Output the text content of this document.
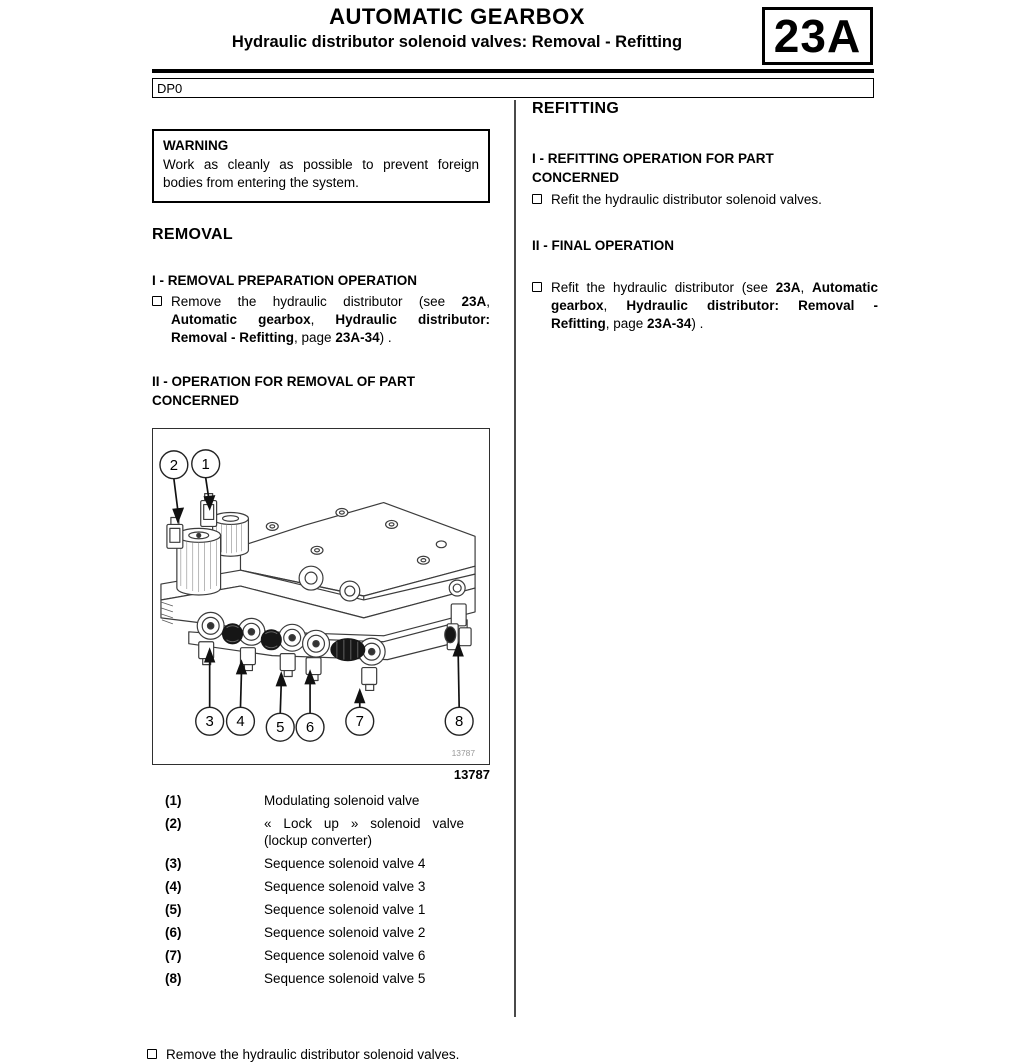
AUTOMATIC GEARBOX
Hydraulic distributor solenoid valves: Removal - Refitting	23A
DP0
WARNING
Work as cleanly as possible to prevent foreign bodies from entering the system.
REMOVAL
I - REMOVAL PREPARATION OPERATION
Remove the hydraulic distributor (see 23A, Automatic gearbox, Hydraulic distributor: Removal - Refitting, page 23A-34) .
II - OPERATION FOR REMOVAL OF PART CONCERNED
2 1
3 4 5 6	7	8
13787
13787
(1)	Modulating solenoid valve
(2)	« Lock up » solenoid valve (lockup converter)
(3)	Sequence solenoid valve 4
(4)	Sequence solenoid valve 3
(5)	Sequence solenoid valve 1
(6)	Sequence solenoid valve 2
(7)	Sequence solenoid valve 6
(8)	Sequence solenoid valve 5
Remove the hydraulic distributor solenoid valves.
REFITTING
I - REFITTING OPERATION FOR PART CONCERNED
Refit the hydraulic distributor solenoid valves.
II - FINAL OPERATION
Refit the hydraulic distributor (see 23A, Automatic gearbox, Hydraulic distributor: Removal - Refitting, page 23A-34) .
